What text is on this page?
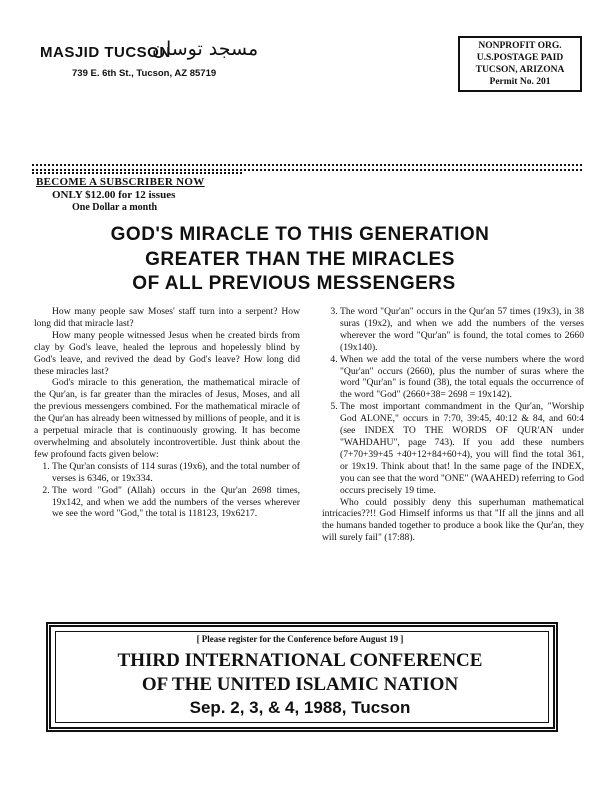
MASJID TUCSON
مسجد توسان
739 E. 6th St., Tucson, AZ 85719
NONPROFIT ORG.
U.S.POSTAGE PAID
TUCSON, ARIZONA
Permit No. 201
BECOME A SUBSCRIBER NOW
ONLY $12.00 for 12 issues
One Dollar a month
GOD'S MIRACLE TO THIS GENERATION
GREATER THAN THE MIRACLES
OF ALL PREVIOUS MESSENGERS

How many people saw Moses' staff turn into a serpent? How long did that miracle last?

How many people witnessed Jesus when he created birds from clay by God's leave, healed the leprous and hopelessly blind by God's leave, and revived the dead by God's leave? How long did these miracles last?

God's miracle to this generation, the mathematical miracle of the Qur'an, is far greater than the miracles of Jesus, Moses, and all the previous messengers combined. For the mathematical miracle of the Qur'an has already been witnessed by millions of people, and it is a perpetual miracle that is continuously growing. It has become overwhelming and absolutely incontrovertible. Just think about the few profound facts given below:

1. The Qur'an consists of 114 suras (19x6), and the total number of verses is 6346, or 19x334.
2. The word "God" (Allah) occurs in the Qur'an 2698 times, 19x142, and when we add the numbers of the verses wherever we see the word "God," the total is 118123, 19x6217.
3. The word "Qur'an" occurs in the Qur'an 57 times (19x3), in 38 suras (19x2), and when we add the numbers of the verses wherever the word "Qur'an" is found, the total comes to 2660 (19x140).
4. When we add the total of the verse numbers where the word "Qur'an" occurs (2660), plus the number of suras where the word "Qur'an" is found (38), the total equals the occurrence of the word "God" (2660+38= 2698 = 19x142).
5. The most important commandment in the Qur'an, "Worship God ALONE," occurs in 7:70, 39:45, 40:12 & 84, and 60:4 (see INDEX TO THE WORDS OF QUR'AN under "WAHDAHU", page 743). If you add these numbers (7+70+39+45 +40+12+84+60+4), you will find the total 361, or 19x19. Think about that! In the same page of the INDEX, you can see that the word "ONE" (WAAHED) referring to God occurs precisely 19 time.

Who could possibly deny this superhuman mathematical intricacies??!! God Himself informs us that "If all the jinns and all the humans banded together to produce a book like the Qur'an, they will surely fail" (17:88).

[ Please register for the Conference before August 19 ]
THIRD INTERNATIONAL CONFERENCE
OF THE UNITED ISLAMIC NATION
Sep. 2, 3, & 4, 1988, Tucson
